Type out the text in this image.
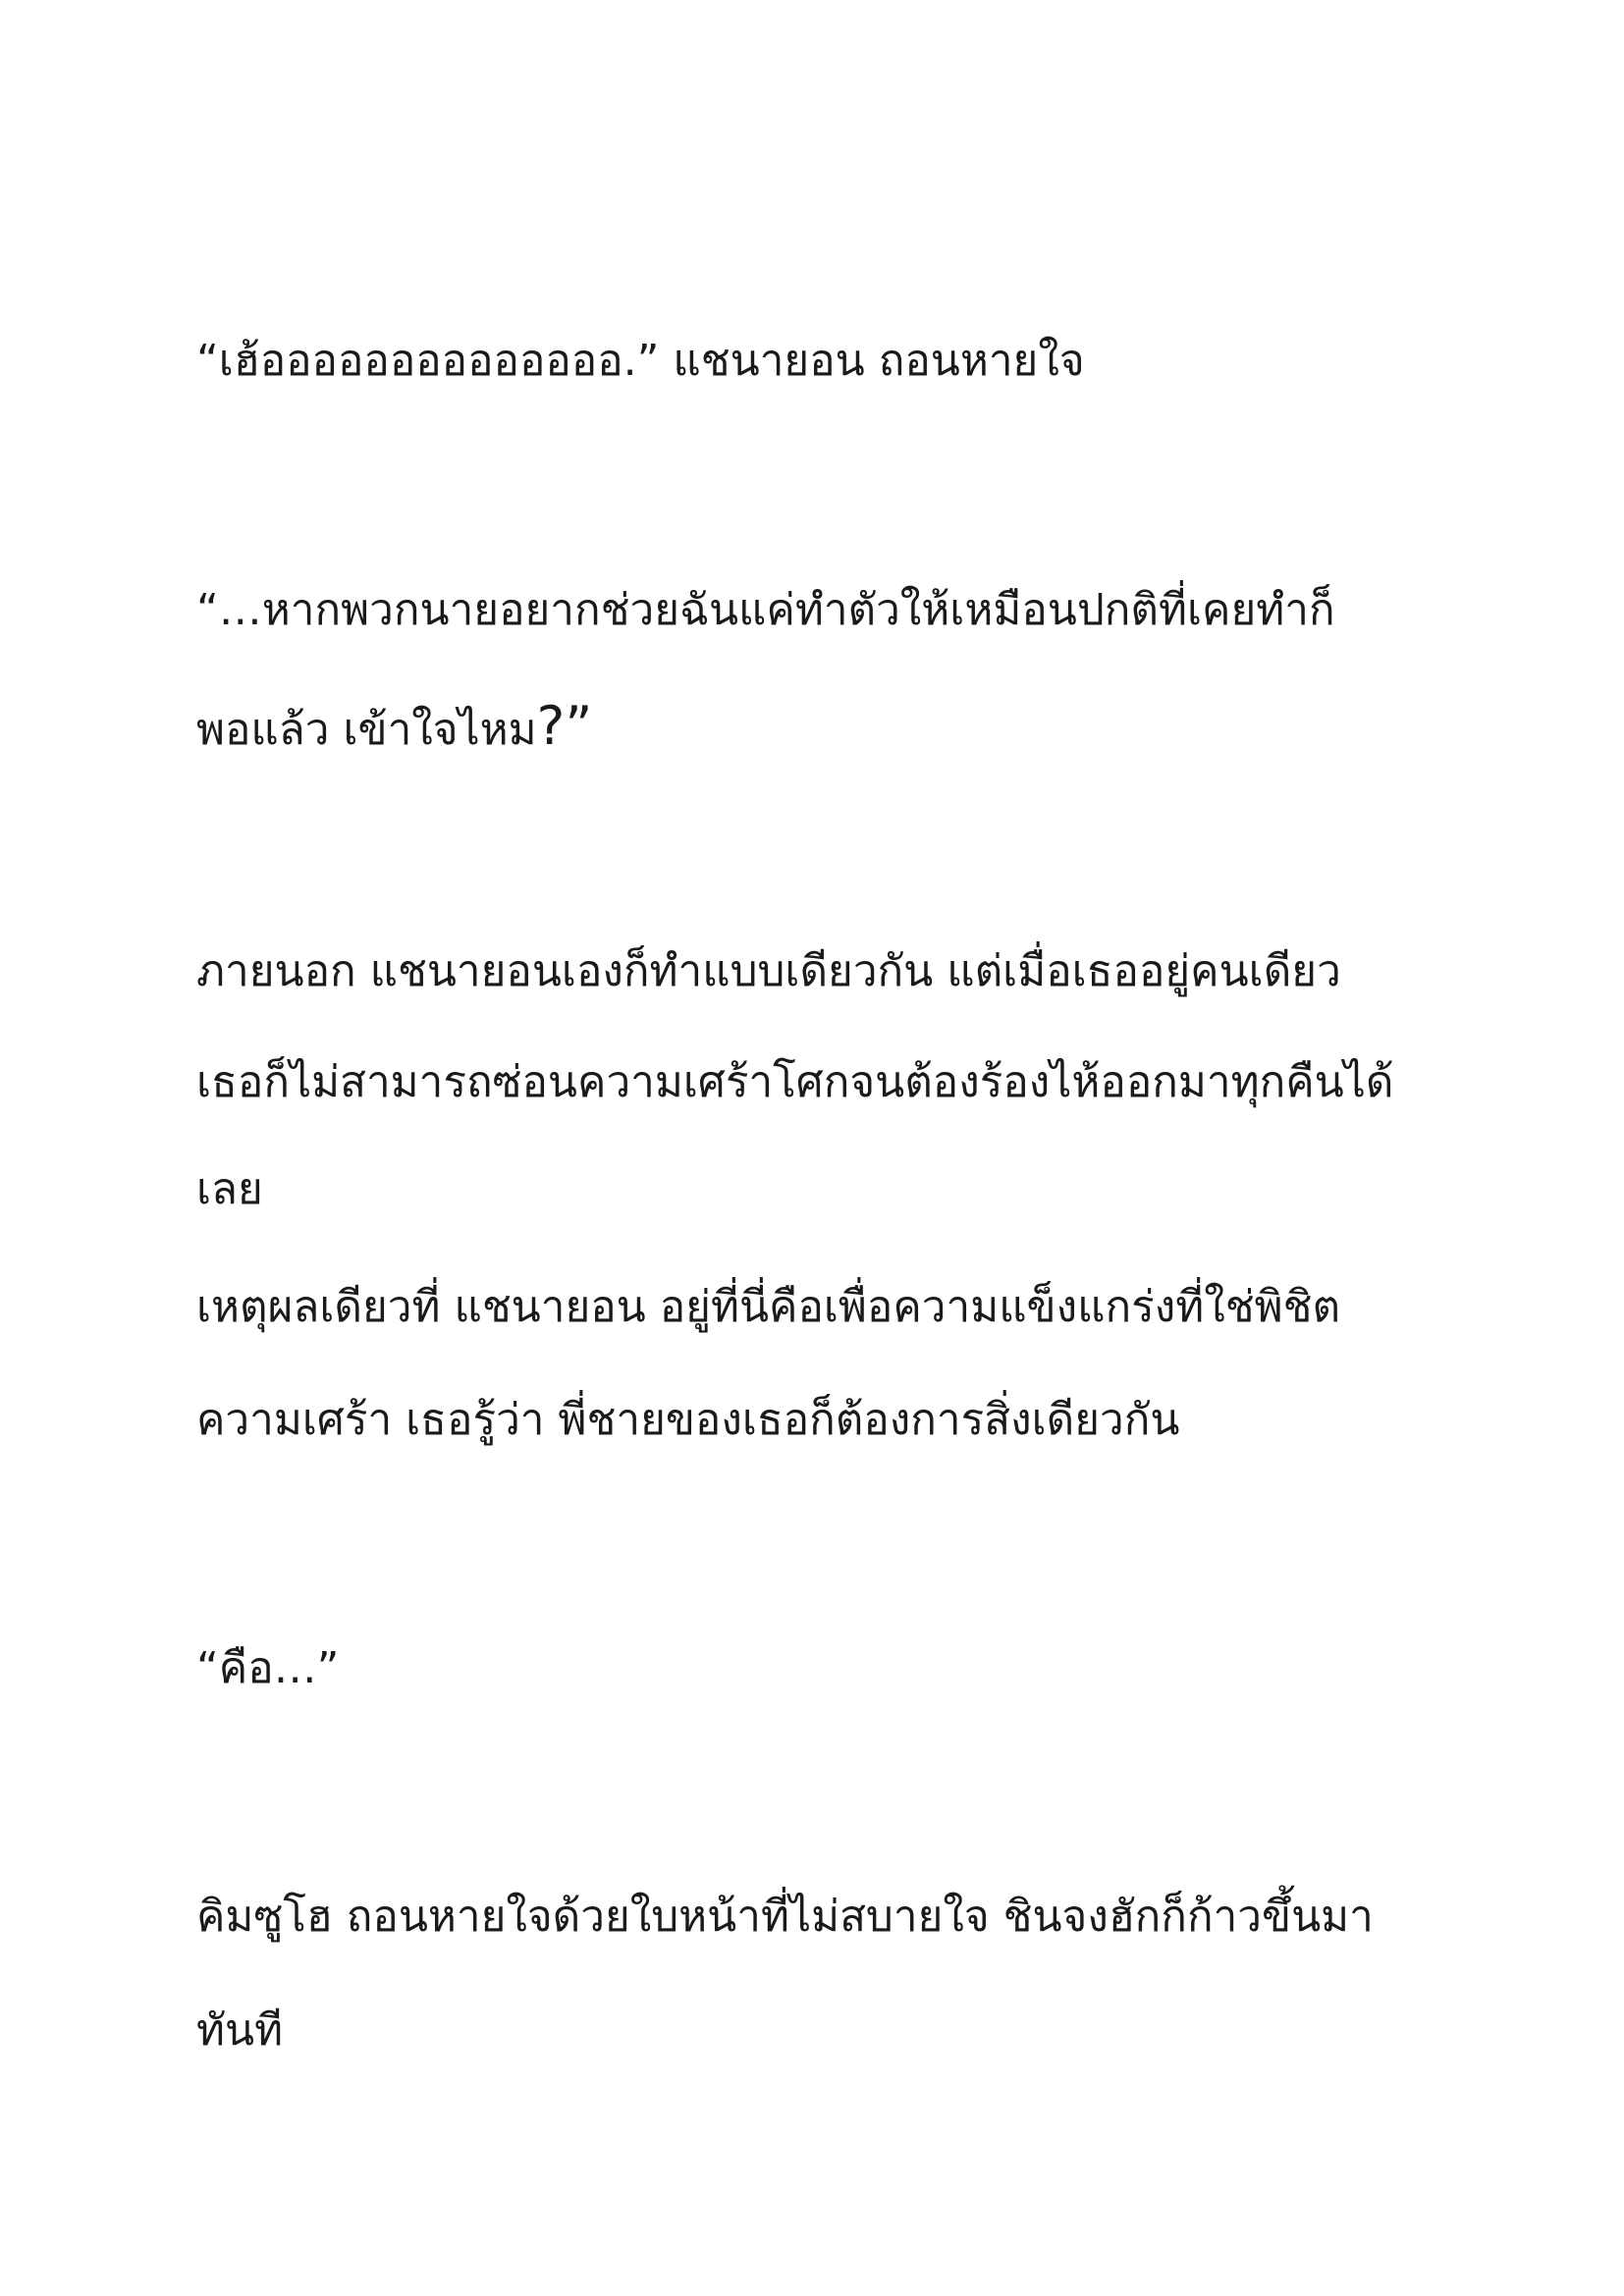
“เฮ้ออออออออออออออ.” แชนายอน ถอนหายใจ

“…หากพวกนายอยากช่วยฉันแค่ทำตัวให้เหมือนปกติที่เคยทำก็

พอแล้ว เข้าใจไหม?”

ภายนอก แชนายอนเองก็ทำแบบเดียวกัน แต่เมื่อเธออยู่คนเดียว

เธอก็ไม่สามารถซ่อนความเศร้าโศกจนต้องร้องไห้ออกมาทุกคืนได้

เลย

เหตุผลเดียวที่ แชนายอน อยู่ที่นี่คือเพื่อความแข็งแกร่งที่ใช่พิชิต

ความเศร้า เธอรู้ว่า พี่ชายของเธอก็ต้องการสิ่งเดียวกัน

“คือ…”

คิมซูโฮ ถอนหายใจด้วยใบหน้าที่ไม่สบายใจ ชินจงฮักก็ก้าวขึ้นมา

ทันที
